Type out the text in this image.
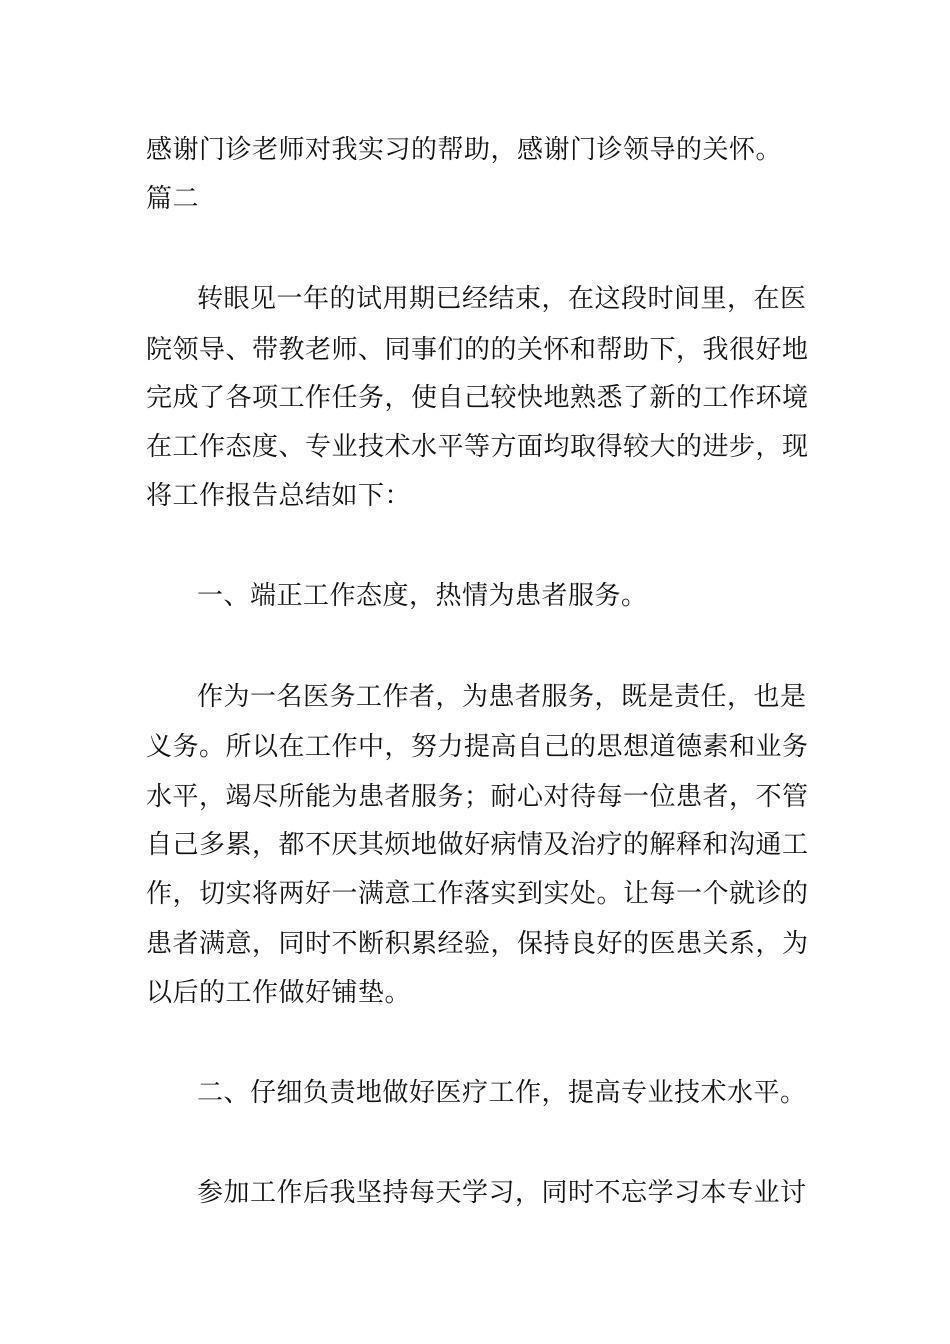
感谢门诊老师对我实习的帮助，感谢门诊领导的关怀。
篇二
转眼见一年的试用期已经结束，在这段时间里，在医
院领导、带教老师、同事们的的关怀和帮助下，我很好地
完成了各项工作任务，使自己较快地熟悉了新的工作环境
在工作态度、专业技术水平等方面均取得较大的进步，现
将工作报告总结如下：
一、端正工作态度，热情为患者服务。
作为一名医务工作者，为患者服务，既是责任，也是
义务。所以在工作中，努力提高自己的思想道德素和业务
水平，竭尽所能为患者服务；耐心对待每一位患者，不管
自己多累，都不厌其烦地做好病情及治疗的解释和沟通工
作，切实将两好一满意工作落实到实处。让每一个就诊的
患者满意，同时不断积累经验，保持良好的医患关系，为
以后的工作做好铺垫。
二、仔细负责地做好医疗工作，提高专业技术水平。
参加工作后我坚持每天学习，同时不忘学习本专业讨
